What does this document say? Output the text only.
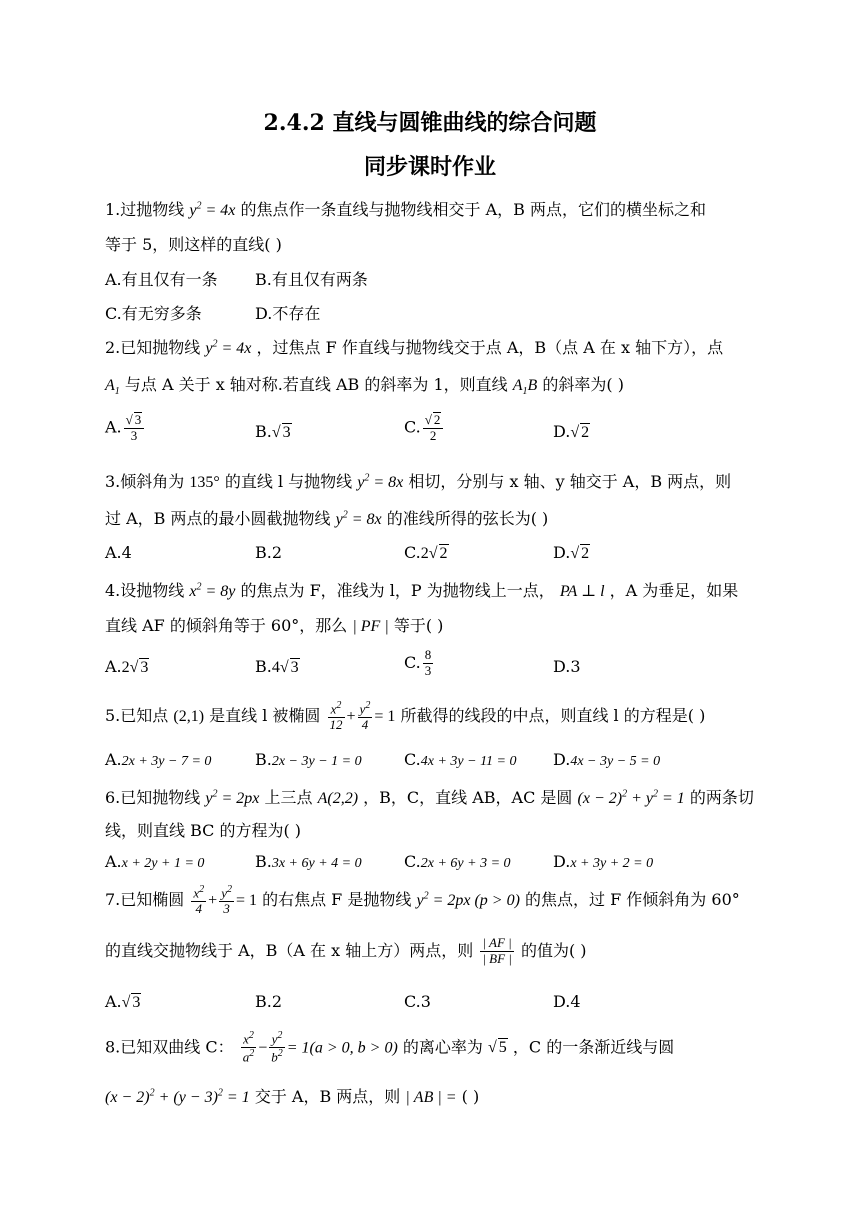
2.4.2 直线与圆锥曲线的综合问题
同步课时作业
1.过抛物线 $y^2 = 4x$ 的焦点作一条直线与抛物线相交于 A，B 两点，它们的横坐标之和
等于 5，则这样的直线( )
A.有且仅有一条 B.有且仅有两条
C.有无穷多条	D.不存在
2.已知抛物线 $y^2 = 4x$ ，过焦点 F 作直线与抛物线交于点 A，B（点 A 在 x 轴下方），点
$A_1$ 与点 A 关于 x 轴对称.若直线 AB 的斜率为 1，则直线 $A_1B$ 的斜率为( )
A. $\frac{√ 3}{3}$	B.√ 3	C. $\frac{√ 2}{2}$	D.√ 2
3.倾斜角为 135° 的直线 l 与抛物线 $y^2 = 8x$ 相切，分别与 x 轴、y 轴交于 A，B 两点，则
过 A，B 两点的最小圆截抛物线 $y^2 = 8x$ 的准线所得的弦长为( )
A.4	B.2	C.2√ 2	D.√ 2
4.设抛物线 $x^2 = 8y$ 的焦点为 F，准线为 l，P 为抛物线上一点， PA ⊥ l ，A 为垂足，如果
直线 AF 的倾斜角等于 60°，那么 | PF | 等于( )
A.2√ 3	B.4√ 3	C. $\frac{8}{3}$	D.3
5.已知点 (2,1) 是直线 l 被椭圆 $\frac{x^2}{12} + \frac{y^2}{4} = 1$ 所截得的线段的中点，则直线 l 的方程是( )
A.2x + 3y − 7 = 0	B.2x − 3y − 1 = 0	C.4x + 3y − 11 = 0 D.4x − 3y − 5 = 0
6.已知抛物线 $y^2 = 2px$ 上三点 A(2,2) ，B，C，直线 AB，AC 是圆 $(x - 2)^2 + y^2 = 1$ 的两条切
线，则直线 BC 的方程为( )
A.x + 2y + 1 = 0	B.3x + 6y + 4 = 0	C.2x + 6y + 3 = 0	D.x + 3y + 2 = 0
7.已知椭圆 $\frac{x^2}{4} + \frac{y^2}{3} = 1$ 的右焦点 F 是抛物线 $y^2 = 2px$ (p > 0) 的焦点，过 F 作倾斜角为 60°
的直线交抛物线于 A，B（A 在 x 轴上方）两点，则 $\frac{| AF |}{| BF |}$ 的值为( )
A.√ 3	B.2	C.3	D.4
8.已知双曲线 C： $\frac{x^2}{a^2} - \frac{y^2}{b^2} = 1(a > 0$, b > 0) 的离心率为 √ 5 ，C 的一条渐近线与圆
$(x - 2)^2 + (y - 3)^2 = 1$ 交于 A，B 两点，则 | AB | = ( )
